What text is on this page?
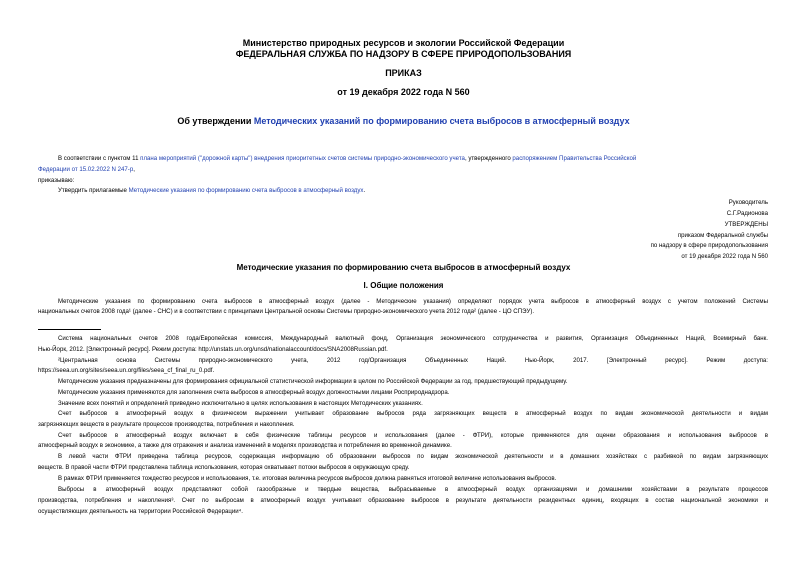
Министерство природных ресурсов и экологии Российской Федерации
ФЕДЕРАЛЬНАЯ СЛУЖБА ПО НАДЗОРУ В СФЕРЕ ПРИРОДОПОЛЬЗОВАНИЯ
ПРИКАЗ
от 19 декабря 2022 года N 560
Об утверждении Методических указаний по формированию счета выбросов в атмосферный воздух
В соответствии с пунктом 11 плана мероприятий ("дорожной карты") внедрения приоритетных счетов системы природно-экономического учета, утвержденного распоряжением Правительства Российской
Федерации от 15.02.2022 N 247-р,
приказываю:
Утвердить прилагаемые Методические указания по формированию счета выбросов в атмосферный воздух.
Руководитель
С.Г.Радионова
УТВЕРЖДЕНЫ
приказом Федеральной службы
по надзору в сфере природопользования
от 19 декабря 2022 года N 560
Методические указания по формированию счета выбросов в атмосферный воздух
I. Общие положения
Методические указания по формированию счета выбросов в атмосферный воздух (далее - Методические указания) определяют порядок учета выбросов в атмосферный воздух с учетом положений Системы
национальных счетов 2008 года¹ (далее - СНС) и в соответствии с принципами Центральной основы Системы природно-экономического учета 2012 года² (далее - ЦО СПЭУ).
Система национальных счетов 2008 года/Европейская комиссия, Международный валютный фонд, Организация экономического сотрудничества и развития, Организация Объединенных Наций, Всемирный банк.
Нью-Йорк, 2012. [Электронный ресурс]. Режим доступа: http://unstats.un.org/unsd/nationalaccount/docs/SNA2008Russian.pdf.
²Центральная основа Системы природно-экономического учета, 2012 год/Организация Объединенных Наций. Нью-Йорк, 2017. [Электронный ресурс]. Режим доступа:
https://seea.un.org/sites/seea.un.org/files/seea_cf_final_ru_0.pdf.
Методические указания предназначены для формирования официальной статистической информации в целом по Российской Федерации за год, предшествующий предыдущему.
Методические указания применяются для заполнения счета выбросов в атмосферный воздух должностными лицами Росприроднадзора.
Значение всех понятий и определений приведено исключительно в целях использования в настоящих Методических указаниях.
Счет выбросов в атмосферный воздух в физическом выражении учитывает образование выбросов ряда загрязняющих веществ в атмосферный воздух по видам экономической деятельности и видам
загрязняющих веществ в результате процессов производства, потребления и накопления.
Счет выбросов в атмосферный воздух включает в себя физические таблицы ресурсов и использования (далее - ФТРИ), которые применяются для оценки образования и использования выбросов в
атмосферный воздух в экономике, а также для отражения и анализа изменений в моделях производства и потребления во временной динамике.
В левой части ФТРИ приведена таблица ресурсов, содержащая информацию об образовании выбросов по видам экономической деятельности и в домашних хозяйствах с разбивкой по видам загрязняющих
веществ. В правой части ФТРИ представлена таблица использования, которая охватывает потоки выбросов в окружающую среду.
В рамках ФТРИ применяется тождество ресурсов и использования, т.е. итоговая величина ресурсов выбросов должна равняться итоговой величине использования выбросов.
Выбросы в атмосферный воздух представляют собой газообразные и твердые вещества, выбрасываемые в атмосферный воздух организациями и домашними хозяйствами в результате процессов
производства, потребления и накопления³. Счет по выбросам в атмосферный воздух учитывает образование выбросов в результате деятельности резидентных единиц, входящих в состав национальной экономики и
осуществляющих деятельность на территории Российской Федерации⁴.
